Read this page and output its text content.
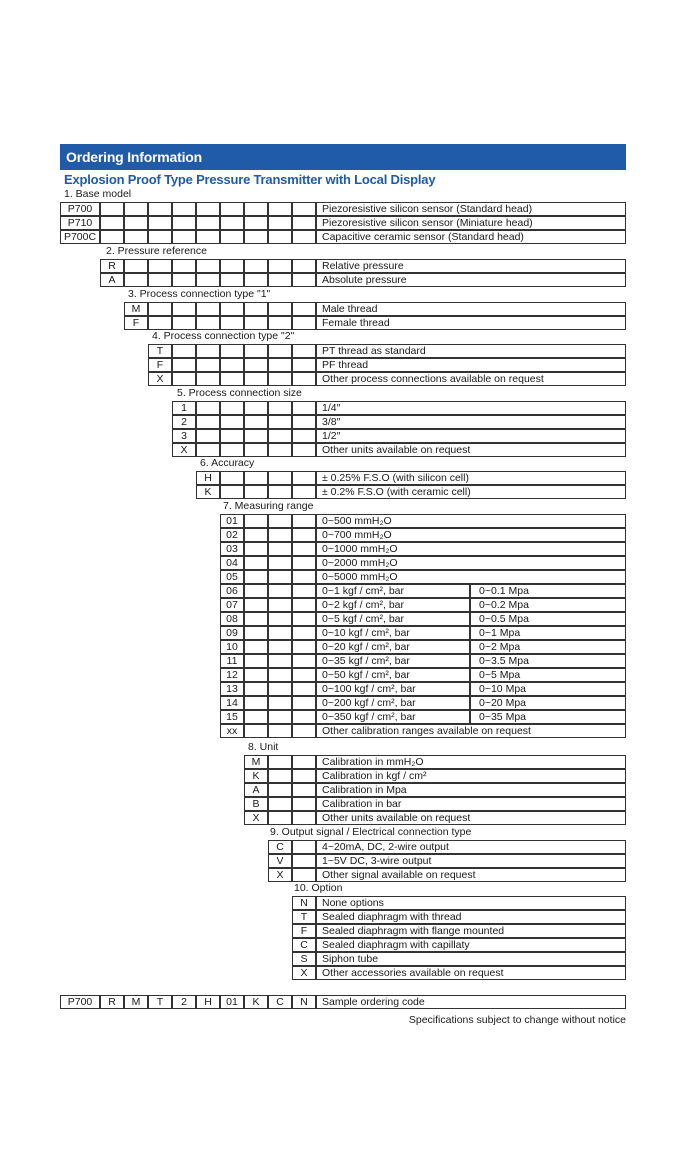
Ordering Information
Explosion Proof Type Pressure Transmitter with Local Display
P700	Piezoresistive silicon sensor (Standard head)
P710	Piezoresistive silicon sensor (Miniature head)
P700C	Capacitive ceramic sensor (Standard head)
R	Relative pressure
A	Absolute pressure
M	Male thread
F	Female thread
T	PT thread as standard
F	PF thread
X	Other process connections available on request
1	1/4″
2	3/8″
3	1/2″
X	Other units available on request
H	± 0.25% F.S.O (with silicon cell)
K	± 0.2% F.S.O (with ceramic cell)
01	0~500 mmH₂O
02	0~700 mmH₂O
03	0~1000 mmH₂O
04	0~2000 mmH₂O
05	0~5000 mmH₂O
06	0~1 kgf / cm², bar	0~0.1 Mpa
07	0~2 kgf / cm², bar	0~0.2 Mpa
08	0~5 kgf / cm², bar	0~0.5 Mpa
09	0~10 kgf / cm², bar	0~1 Mpa
10	0~20 kgf / cm², bar	0~2 Mpa
11	0~35 kgf / cm², bar	0~3.5 Mpa
12	0~50 kgf / cm², bar	0~5 Mpa
13	0~100 kgf / cm², bar	0~10 Mpa
14	0~200 kgf / cm², bar	0~20 Mpa
15	0~350 kgf / cm², bar	0~35 Mpa
xx	Other calibration ranges available on request
M	Calibration in mmH₂O
K	Calibration in kgf / cm²
A	Calibration in Mpa
B	Calibration in bar
X	Other units available on request
C	4~20mA, DC, 2-wire output
V	1~5V DC, 3-wire output
X	Other signal available on request
N	None options
T	Sealed diaphragm with thread
F	Sealed diaphragm with flange mounted
C	Sealed diaphragm with capillaty
S	Siphon tube
X	Other accessories available on request
P700	R	M	T	2	H	01	K	C	N	Sample ordering code
Specifications subject to change without notice
1. Base model
2. Pressure reference
3. Process connection type "1"
4. Process connection type "2"
5. Process connection size
6. Accuracy
7. Measuring range
8. Unit
9. Output signal / Electrical connection type
10. Option
